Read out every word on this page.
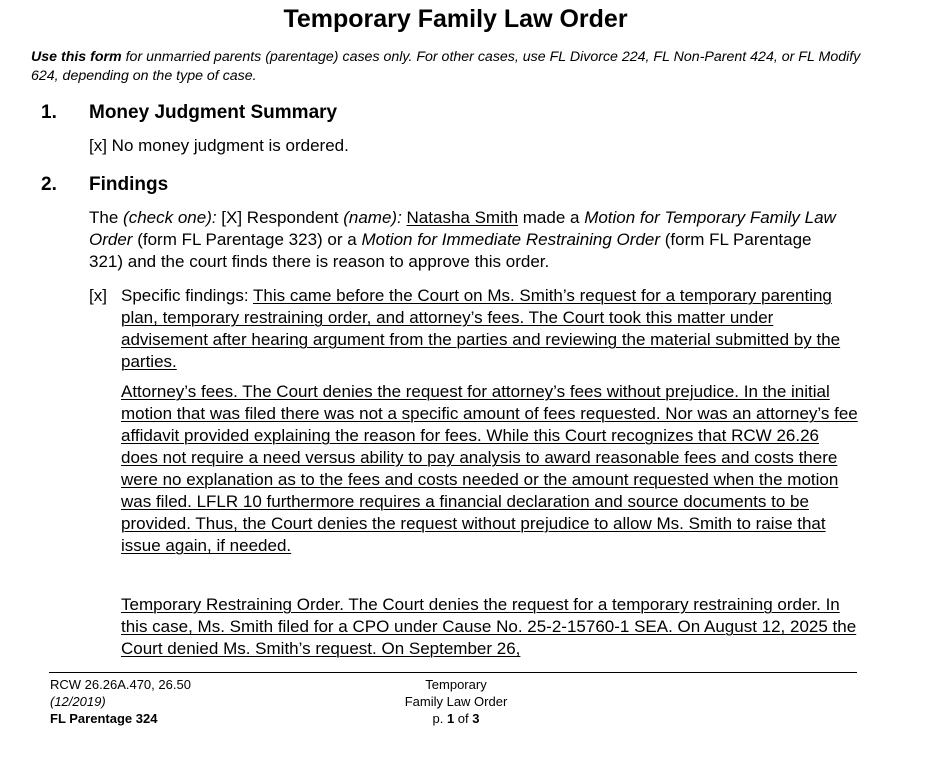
Temporary Family Law Order
Use this form for unmarried parents (parentage) cases only. For other cases, use FL Divorce 224, FL Non-Parent 424, or FL Modify 624, depending on the type of case.
1. Money Judgment Summary
[x] No money judgment is ordered.
2. Findings
The (check one): [X] Respondent (name): Natasha Smith made a Motion for Temporary Family Law Order (form FL Parentage 323) or a Motion for Immediate Restraining Order (form FL Parentage 321) and the court finds there is reason to approve this order.
[x] Specific findings: This came before the Court on Ms. Smith’s request for a temporary parenting plan, temporary restraining order, and attorney’s fees. The Court took this matter under advisement after hearing argument from the parties and reviewing the material submitted by the parties.
Attorney’s fees. The Court denies the request for attorney’s fees without prejudice. In the initial motion that was filed there was not a specific amount of fees requested. Nor was an attorney’s fee affidavit provided explaining the reason for fees. While this Court recognizes that RCW 26.26 does not require a need versus ability to pay analysis to award reasonable fees and costs there were no explanation as to the fees and costs needed or the amount requested when the motion was filed. LFLR 10 furthermore requires a financial declaration and source documents to be provided. Thus, the Court denies the request without prejudice to allow Ms. Smith to raise that issue again, if needed.
Temporary Restraining Order. The Court denies the request for a temporary restraining order. In this case, Ms. Smith filed for a CPO under Cause No. 25-2-15760-1 SEA. On August 12, 2025 the Court denied Ms. Smith’s request. On September 26,
RCW 26.26A.470, 26.50
(12/2019)
FL Parentage 324
Temporary
Family Law Order
p. 1 of 3
